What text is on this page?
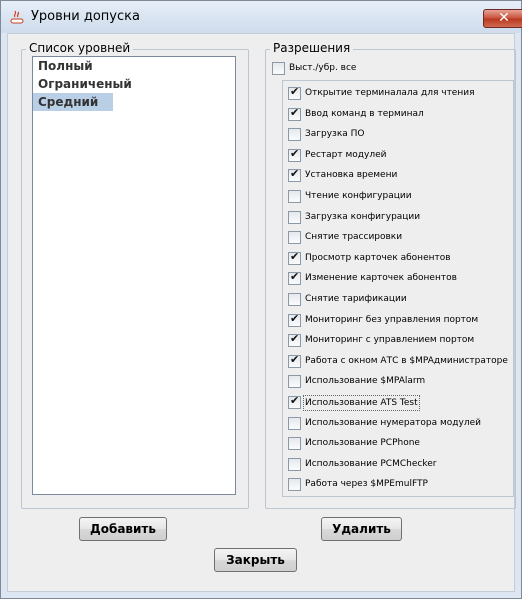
Уровни допуска	✕
Список уровней
Полный
Ограниченый
Средний
Разрешения
Выст./убр. все
✔
Открытие терминалала для чтения
✔
Ввод команд в терминал
Загрузка ПО
✔
Рестарт модулей
✔
Установка времени
Чтение конфигурации
Загрузка конфигурации
Снятие трассировки
✔
Просмотр карточек абонентов
✔
Изменение карточек абонентов
Снятие тарификации
✔
Мониторинг без управления портом
✔
Мониторинг с управлением портом
✔
Работа с окном АТС в $MPAдминистраторе
Использование $MPAlarm
✔
Использование ATS Test
Использование нумератора модулей
Использование PCPhone
Использование PCMChecker
Работа через $MPEmulFTP
Добавить	Удалить
Закрыть
